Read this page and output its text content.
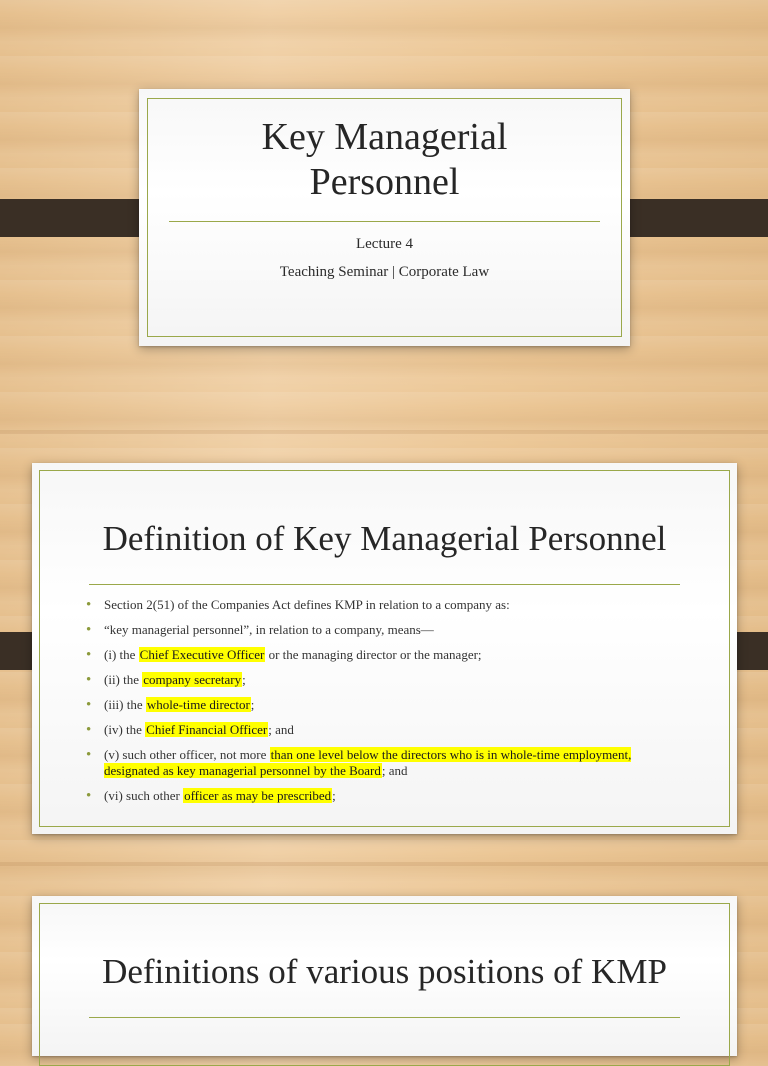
Key Managerial
Personnel
Lecture 4
Teaching Seminar | Corporate Law
Definition of Key Managerial Personnel
• Section 2(51) of the Companies Act defines KMP in relation to a company as:
• “key managerial personnel”, in relation to a company, means—
• (i) the Chief Executive Officer or the managing director or the manager;
• (ii) the company secretary;
• (iii) the whole-time director;
• (iv) the Chief Financial Officer; and
• (v) such other officer, not more than one level below the directors who is in whole-time employment, designated as key managerial personnel by the Board; and
• (vi) such other officer as may be prescribed;
Definitions of various positions of KMP
